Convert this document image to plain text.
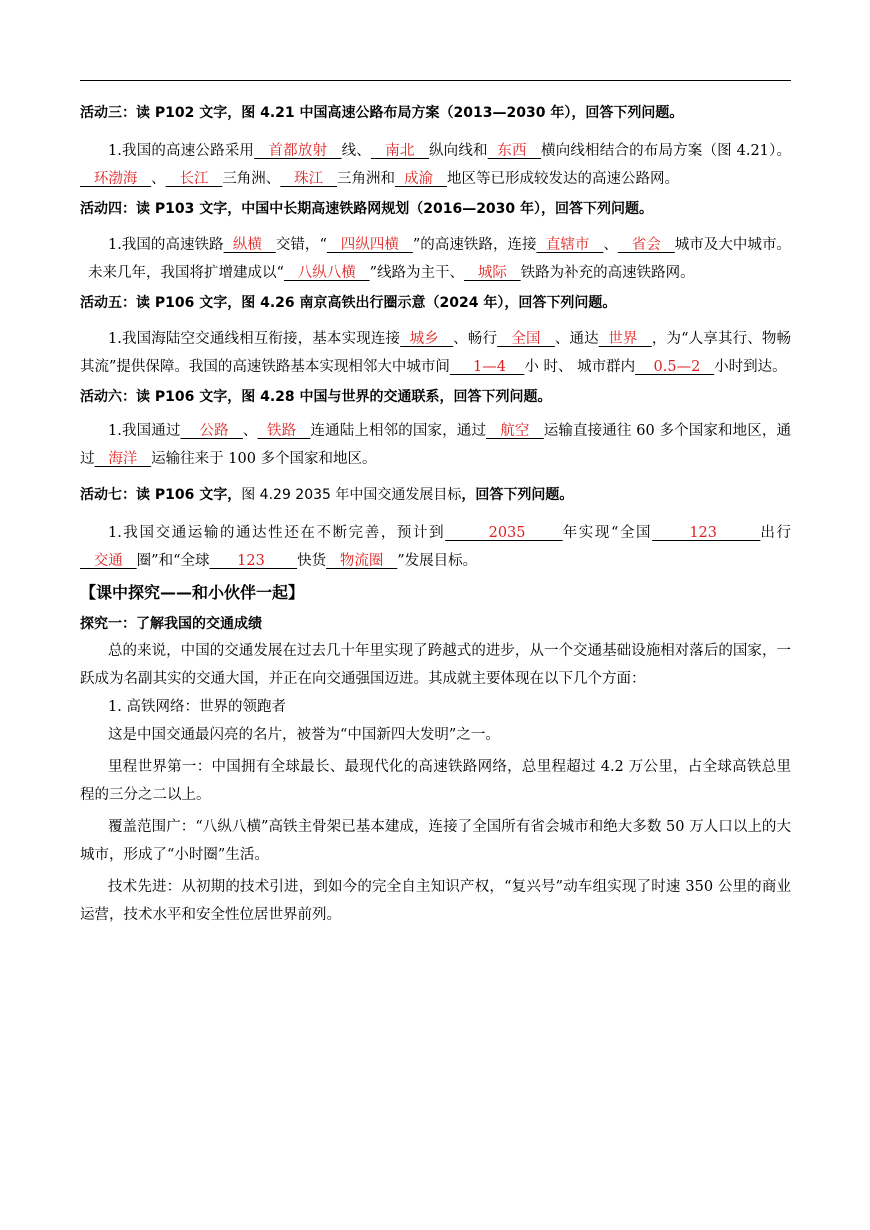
活动三：读 P102 文字，图 4.21 中国高速公路布局方案（2013—2030 年），回答下列问题。

1.我国的高速公路采用   首都放射   线、   南北   纵向线和  东西   横向线相结合的布局方案（图 4.21）。   环渤海   、   长江   三角洲、   珠江   三角洲和  成渝   地区等已形成较发达的高速公路网。

活动四：读 P103 文字，中国中长期高速铁路网规划（2016—2030 年），回答下列问题。

1.我国的高速铁路  纵横   交错，“   四纵四横   ”的高速铁路，连接  直辖市   、   省会   城市及大中城市。未来几年，我国将扩增建成以“   八纵八横   ”线路为主干、   城际   铁路为补充的高速铁路网。

活动五：读 P106 文字，图 4.26 南京高铁出行圈示意（2024 年），回答下列问题。

1.我国海陆空交通线相互衔接，基本实现连接  城乡   、畅行   全国   、通达  世界   ，为“人享其行、物畅其流”提供保障。我国的高速铁路基本实现相邻大中城市间     1—4    小 时、 城市群内    0.5—2   小时到达。

活动六：读 P106 文字，图 4.28 中国与世界的交通联系，回答下列问题。

1.我国通过    公路   、  铁路   连通陆上相邻的国家，通过   航空   运输直接通往 60 多个国家和地区，通过   海洋   运输往来于 100 多个国家和地区。

活动七：读 P106 文字，图 4.29 2035 年中国交通发展目标，回答下列问题。

1.我国交通运输的通达性还在不断完善，预计到       2035      年实现“全国      123       出行   交通   圈”和“全球      123       快货   物流圈   ”发展目标。

【课中探究——和小伙伴一起】

探究一：了解我国的交通成绩

总的来说，中国的交通发展在过去几十年里实现了跨越式的进步，从一个交通基础设施相对落后的国家，一跃成为名副其实的交通大国，并正在向交通强国迈进。其成就主要体现在以下几个方面：

1. 高铁网络：世界的领跑者

这是中国交通最闪亮的名片，被誉为“中国新四大发明”之一。

里程世界第一：中国拥有全球最长、最现代化的高速铁路网络，总里程超过 4.2 万公里，占全球高铁总里程的三分之二以上。

覆盖范围广：“八纵八横”高铁主骨架已基本建成，连接了全国所有省会城市和绝大多数 50 万人口以上的大城市，形成了“小时圈”生活。

技术先进：从初期的技术引进，到如今的完全自主知识产权，“复兴号”动车组实现了时速 350 公里的商业运营，技术水平和安全性位居世界前列。
